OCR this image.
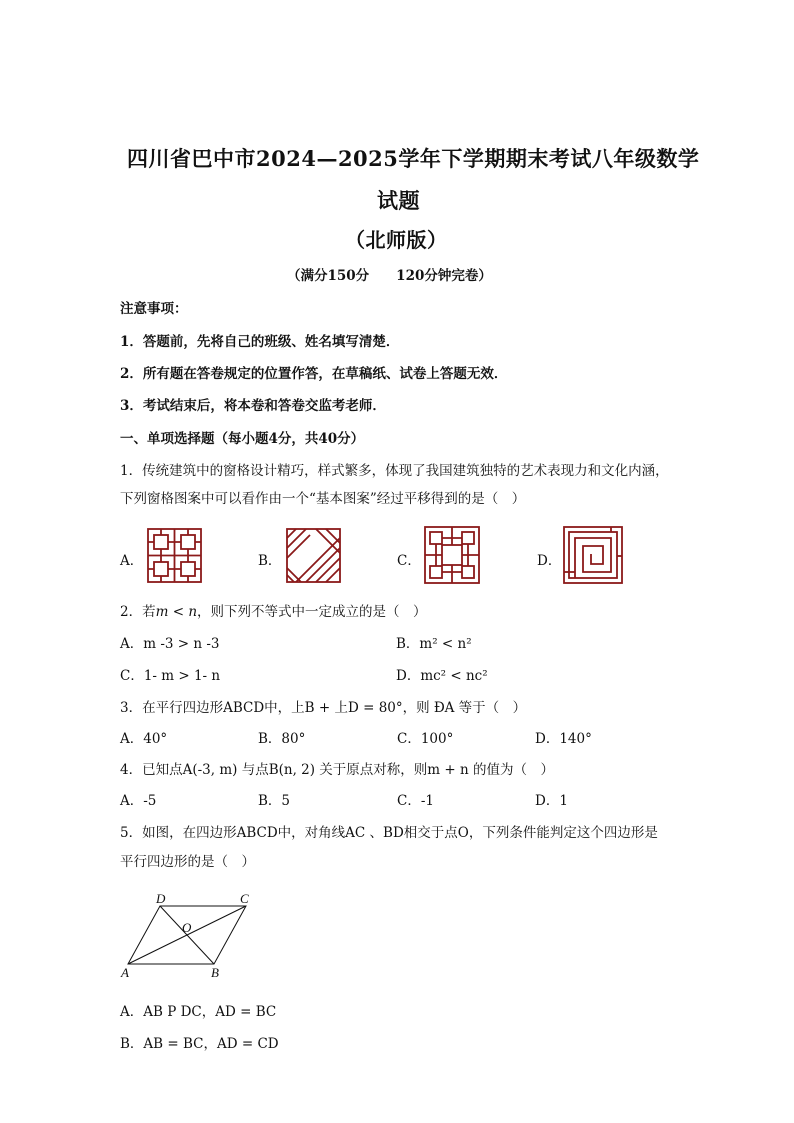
四川省巴中市2024—2025学年下学期期末考试八年级数学
试题
（北师版）
（满分150分　　120分钟完卷）
注意事项：
1．答题前，先将自己的班级、姓名填写清楚．
2．所有题在答卷规定的位置作答，在草稿纸、试卷上答题无效．
3．考试结束后，将本卷和答卷交监考老师．
一、单项选择题（每小题4分，共40分）
1．传统建筑中的窗格设计精巧，样式繁多，体现了我国建筑独特的艺术表现力和文化内涵，
下列窗格图案中可以看作由一个“基本图案”经过平移得到的是（　）
A．	B．	C．	D．
2．若m < n，则下列不等式中一定成立的是（　）
A．m -3 > n -3	B．m² < n²
C．1- m > 1- n	D．mc² < nc²
3．在平行四边形ABCD中，上B + 上D = 80°，则 ÐA 等于（　）
A．40°	B．80°	C．100°	D．140°
4．已知点A(-3, m) 与点B(n, 2) 关于原点对称，则m + n 的值为（　）
A．-5	B．5	C．-1	D．1
5．如图，在四边形ABCD中，对角线AC 、BD相交于点O，下列条件能判定这个四边形是
平行四边形的是（　）
D	C
O
A	B
A．AB P DC，AD = BC
B．AB = BC，AD = CD
